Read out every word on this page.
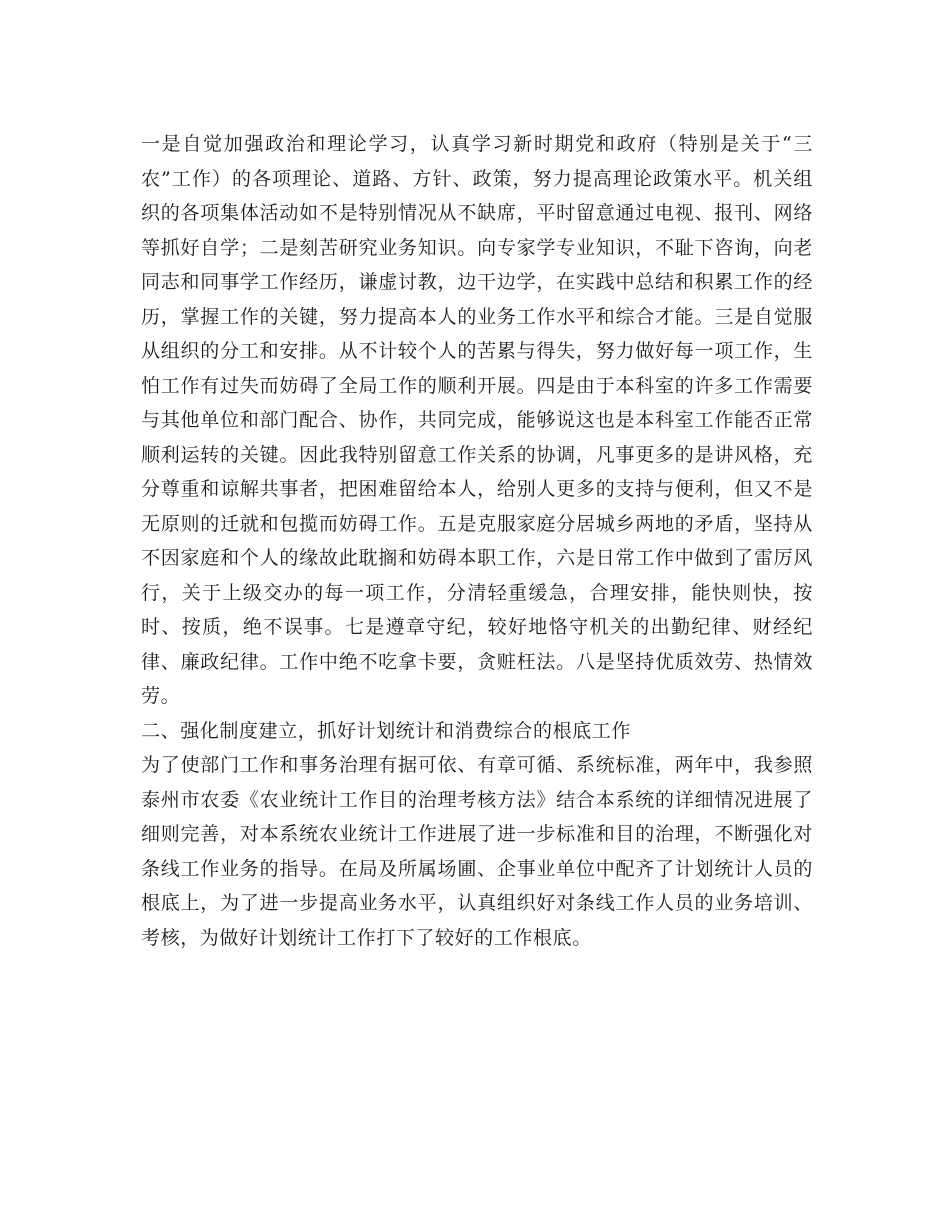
一是自觉加强政治和理论学习，认真学习新时期党和政府（特别是关于“三农”工作）的各项理论、道路、方针、政策，努力提高理论政策水平。机关组织的各项集体活动如不是特别情况从不缺席，平时留意通过电视、报刊、网络等抓好自学；二是刻苦研究业务知识。向专家学专业知识，不耻下咨询，向老同志和同事学工作经历，谦虚讨教，边干边学，在实践中总结和积累工作的经历，掌握工作的关键，努力提高本人的业务工作水平和综合才能。三是自觉服从组织的分工和安排。从不计较个人的苦累与得失，努力做好每一项工作，生怕工作有过失而妨碍了全局工作的顺利开展。四是由于本科室的许多工作需要与其他单位和部门配合、协作，共同完成，能够说这也是本科室工作能否正常顺利运转的关键。因此我特别留意工作关系的协调，凡事更多的是讲风格，充分尊重和谅解共事者，把困难留给本人，给别人更多的支持与便利，但又不是无原则的迁就和包揽而妨碍工作。五是克服家庭分居城乡两地的矛盾，坚持从不因家庭和个人的缘故此耽搁和妨碍本职工作，六是日常工作中做到了雷厉风行，关于上级交办的每一项工作，分清轻重缓急，合理安排，能快则快，按时、按质，绝不误事。七是遵章守纪，较好地恪守机关的出勤纪律、财经纪律、廉政纪律。工作中绝不吃拿卡要，贪赃枉法。八是坚持优质效劳、热情效劳。

二、强化制度建立，抓好计划统计和消费综合的根底工作

为了使部门工作和事务治理有据可依、有章可循、系统标准，两年中，我参照泰州市农委《农业统计工作目的治理考核方法》结合本系统的详细情况进展了细则完善，对本系统农业统计工作进展了进一步标准和目的治理，不断强化对条线工作业务的指导。在局及所属场圃、企事业单位中配齐了计划统计人员的根底上，为了进一步提高业务水平，认真组织好对条线工作人员的业务培训、考核，为做好计划统计工作打下了较好的工作根底。
